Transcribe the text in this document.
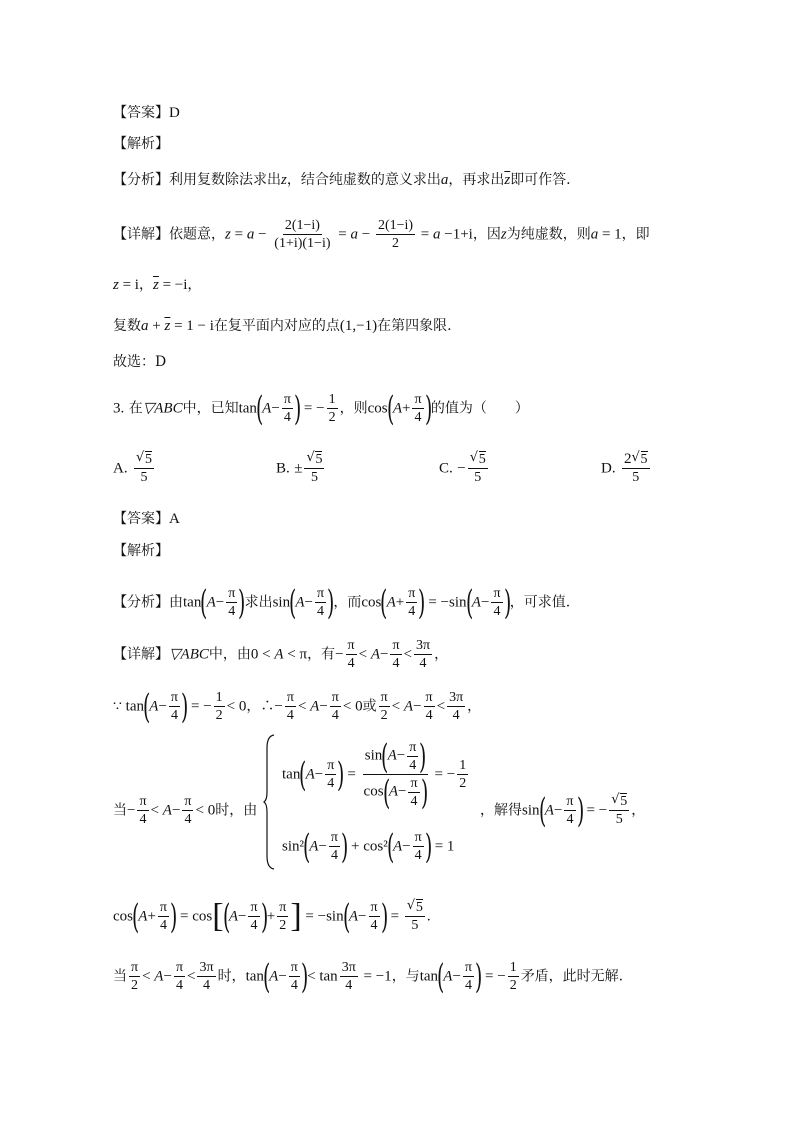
【答案】D
【解析】
【分析】利用复数除法求出z，结合纯虚数的意义求出a，再求出$\overline{z}$即可作答.
【详解】依题意，$z = a - \frac{2(1-i)}{(1+i)(1-i)} = a - \frac{2(1-i)}{2} = a -1+i$，因z为纯虚数，则a = 1，即
z = i，$\overline{z} = -i$，
复数$a + \overline{z} = 1 - i$在复平面内对应的点(1,−1)在第四象限.
故选：D
3. 在▽ABC中，已知$\tan(A- \frac{\pi}{4}$ ) = − $\frac{1}{2}$ ，则$\cos(A+ \frac{\pi}{4}$ )的值为（　　）
A. √ $\frac{5}{5}$	B. ± √ $\frac{5}{5}$	C. − √ $\frac{5}{5}$	D. $\frac{2 √ 5}{5}$
【答案】A
【解析】
【分析】由$\tan(A- \frac{\pi}{4}$ )求出$\sin(A- \frac{\pi}{4}$ )，而$\cos(A+ \frac{\pi}{4}$ ) = $-\sin(A- \frac{\pi}{4}$ )，可求值.
【详解】▽ABC中，由0 < A < π，有− $\frac{\pi}{4} < A- \frac{\pi}{4} < \frac{3\pi}{4}$ ，
∵ $\tan(A- \frac{\pi}{4}$ ) = − $\frac{1}{2} < 0$，∴− $\frac{\pi}{4} < A- \frac{\pi}{4} < 0$或 $\frac{\pi}{2} < A- \frac{\pi}{4} < \frac{3\pi}{4}$ ，
当− $\frac{\pi}{4} < A- \frac{\pi}{4} < 0$时，由
$\tan(A- \frac{\pi}{4}$ ) = $\frac{\sin(A- \frac{\pi}{4} )}{\cos(A- \frac{\pi}{4} )}$ = − $\frac{1}{2}$
，解得$\sin(A- \frac{\pi}{4}$ ) = − √ $\frac{5}{5}$ ，
$\sin^2(A- \frac{\pi}{4}$ ) + $\cos^2(A- \frac{\pi}{4}$ ) = 1
$\cos(A+ \frac{\pi}{4}$ ) = $\cos[(A- \frac{\pi}{4}$ )+ $\frac{\pi}{2}$ ] = $-\sin(A- \frac{\pi}{4}$ ) = √ $\frac{5}{5}$ .
当 $\frac{\pi}{2} < A- \frac{\pi}{4} < \frac{3\pi}{4}$ 时，$\tan(A- \frac{\pi}{4}$ )< $\tan \frac{3\pi}{4} = -1$，与$\tan(A- \frac{\pi}{4}$ ) = − $\frac{1}{2}$ 矛盾，此时无解.
